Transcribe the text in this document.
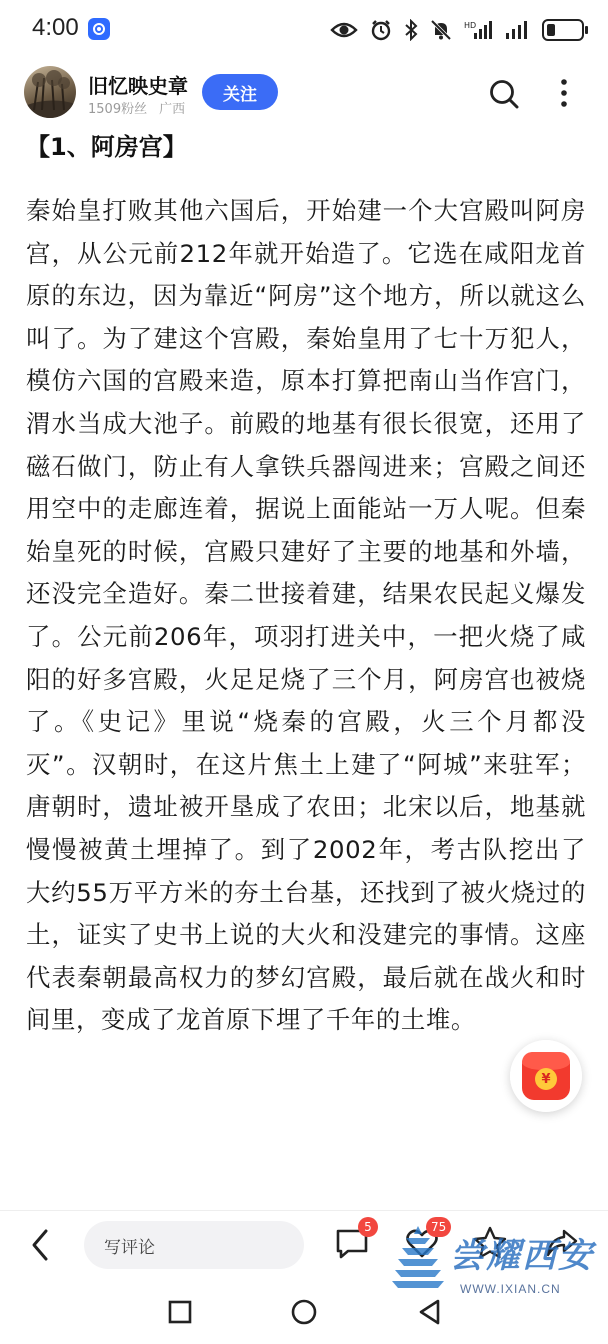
4:00	HD
旧忆映史章
1509粉丝 广西
关注
【1、阿房宫】
秦始皇打败其他六国后，开始建一个大宫殿叫阿房宫，从公元前212年就开始造了。它选在咸阳龙首原的东边，因为靠近“阿房”这个地方，所以就这么叫了。为了建这个宫殿，秦始皇用了七十万犯人，模仿六国的宫殿来造，原本打算把南山当作宫门，渭水当成大池子。前殿的地基有很长很宽，还用了磁石做门，防止有人拿铁兵器闯进来；宫殿之间还用空中的走廊连着，据说上面能站一万人呢。但秦始皇死的时候，宫殿只建好了主要的地基和外墙，还没完全造好。秦二世接着建，结果农民起义爆发了。公元前206年，项羽打进关中，一把火烧了咸阳的好多宫殿，火足足烧了三个月，阿房宫也被烧了。《史记》里说“烧秦的宫殿，火三个月都没灭”。汉朝时，在这片焦土上建了“阿城”来驻军；唐朝时，遗址被开垦成了农田；北宋以后，地基就慢慢被黄土埋掉了。到了2002年，考古队挖出了大约55万平方米的夯土台基，还找到了被火烧过的土，证实了史书上说的大火和没建完的事情。这座代表秦朝最高权力的梦幻宫殿，最后就在战火和时间里，变成了龙首原下埋了千年的土堆。
¥
写评论
5	75
尝耀西安
WWW.IXIAN.CN
